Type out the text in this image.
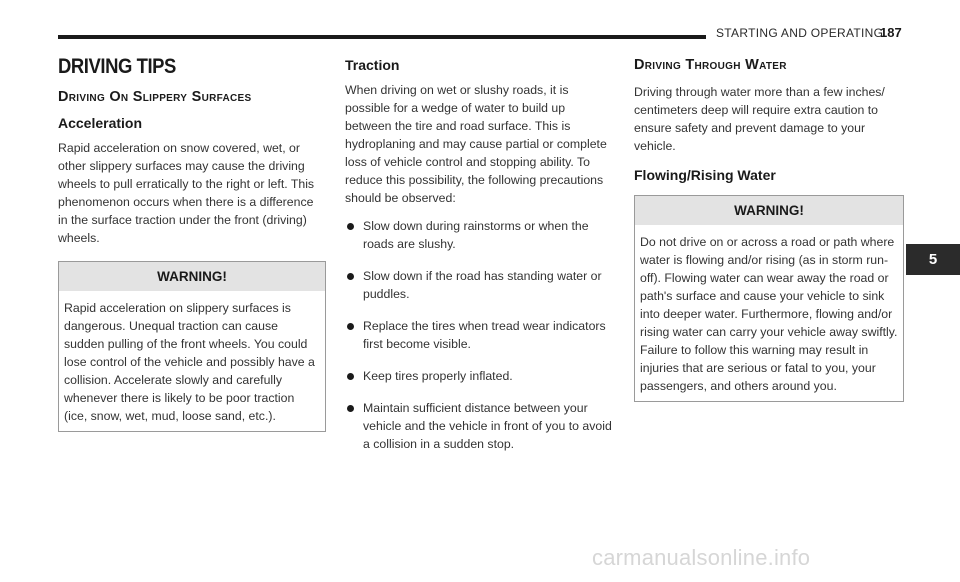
STARTING AND OPERATING
187
5
DRIVING TIPS
Driving On Slippery Surfaces
Acceleration
Rapid acceleration on snow covered, wet, or other slippery surfaces may cause the driving wheels to pull erratically to the right or left. This phenomenon occurs when there is a difference in the surface traction under the front (driving) wheels.
WARNING!
Rapid acceleration on slippery surfaces is dangerous. Unequal traction can cause sudden pulling of the front wheels. You could lose control of the vehicle and possibly have a collision. Accelerate slowly and carefully whenever there is likely to be poor traction (ice, snow, wet, mud, loose sand, etc.).
Traction
When driving on wet or slushy roads, it is possible for a wedge of water to build up between the tire and road surface. This is hydroplaning and may cause partial or complete loss of vehicle control and stopping ability. To reduce this possibility, the following precautions should be observed:
Slow down during rainstorms or when the roads are slushy.
Slow down if the road has standing water or puddles.
Replace the tires when tread wear indicators first become visible.
Keep tires properly inflated.
Maintain sufficient distance between your vehicle and the vehicle in front of you to avoid a collision in a sudden stop.
Driving Through Water
Driving through water more than a few inches/ centimeters deep will require extra caution to ensure safety and prevent damage to your vehicle.
Flowing/Rising Water
WARNING!
Do not drive on or across a road or path where water is flowing and/or rising (as in storm run-off). Flowing water can wear away the road or path's surface and cause your vehicle to sink into deeper water. Furthermore, flowing and/or rising water can carry your vehicle away swiftly. Failure to follow this warning may result in injuries that are serious or fatal to you, your passengers, and others around you.
carmanualsonline.info
